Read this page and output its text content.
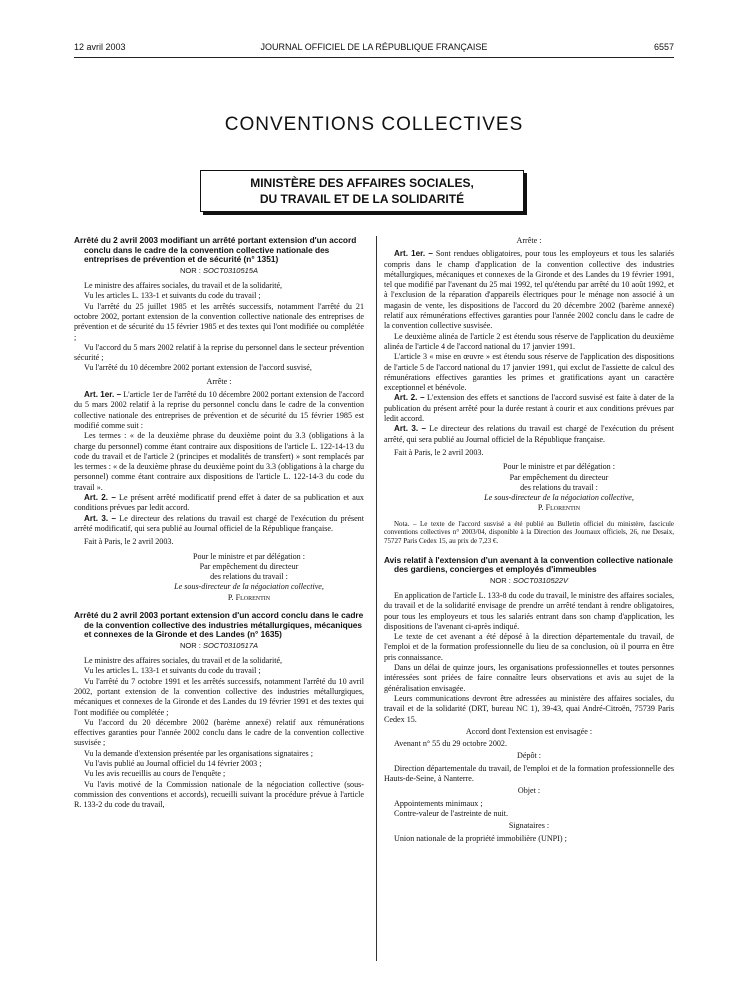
12 avril 2003	JOURNAL OFFICIEL DE LA RÉPUBLIQUE FRANÇAISE	6557
CONVENTIONS COLLECTIVES
MINISTÈRE DES AFFAIRES SOCIALES,
DU TRAVAIL ET DE LA SOLIDARITÉ
Arrêté du 2 avril 2003 modifiant un arrêté portant extension d'un accord conclu dans le cadre de la convention collective nationale des entreprises de prévention et de sécurité (n° 1351)
NOR : SOCT0310515A

Le ministre des affaires sociales, du travail et de la solidarité,

Vu les articles L. 133-1 et suivants du code du travail ;

Vu l'arrêté du 25 juillet 1985 et les arrêtés successifs, notamment l'arrêté du 21 octobre 2002, portant extension de la convention collective nationale des entreprises de prévention et de sécurité du 15 février 1985 et des textes qui l'ont modifiée ou complétée ;

Vu l'accord du 5 mars 2002 relatif à la reprise du personnel dans le secteur prévention sécurité ;

Vu l'arrêté du 10 décembre 2002 portant extension de l'accord susvisé,

Arrête :

Art. 1er. – L'article 1er de l'arrêté du 10 décembre 2002 portant extension de l'accord du 5 mars 2002 relatif à la reprise du personnel conclu dans le cadre de la convention collective nationale des entreprises de prévention et de sécurité du 15 février 1985 est modifié comme suit :

Les termes : « de la deuxième phrase du deuxième point du 3.3 (obligations à la charge du personnel) comme étant contraire aux dispositions de l'article L. 122-14-13 du code du travail et de l'article 2 (principes et modalités de transfert) » sont remplacés par les termes : « de la deuxième phrase du deuxième point du 3.3 (obligations à la charge du personnel) comme étant contraire aux dispositions de l'article L. 122-14-3 du code du travail ».

Art. 2. – Le présent arrêté modificatif prend effet à dater de sa publication et aux conditions prévues par ledit accord.

Art. 3. – Le directeur des relations du travail est chargé de l'exécution du présent arrêté modificatif, qui sera publié au Journal officiel de la République française.

Fait à Paris, le 2 avril 2003.

Pour le ministre et par délégation :

Par empêchement du directeur

des relations du travail :

Le sous-directeur de la négociation collective,

P. Florentin

Arrêté du 2 avril 2003 portant extension d'un accord conclu dans le cadre de la convention collective des industries métallurgiques, mécaniques et connexes de la Gironde et des Landes (n° 1635)
NOR : SOCT0310517A

Le ministre des affaires sociales, du travail et de la solidarité,

Vu les articles L. 133-1 et suivants du code du travail ;

Vu l'arrêté du 7 octobre 1991 et les arrêtés successifs, notamment l'arrêté du 10 avril 2002, portant extension de la convention collective des industries métallurgiques, mécaniques et connexes de la Gironde et des Landes du 19 février 1991 et des textes qui l'ont modifiée ou complétée ;

Vu l'accord du 20 décembre 2002 (barème annexé) relatif aux rémunérations effectives garanties pour l'année 2002 conclu dans le cadre de la convention collective susvisée ;

Vu la demande d'extension présentée par les organisations signataires ;

Vu l'avis publié au Journal officiel du 14 février 2003 ;

Vu les avis recueillis au cours de l'enquête ;

Vu l'avis motivé de la Commission nationale de la négociation collective (sous-commission des conventions et accords), recueilli suivant la procédure prévue à l'article R. 133-2 du code du travail,

Arrête :

Art. 1er. – Sont rendues obligatoires, pour tous les employeurs et tous les salariés compris dans le champ d'application de la convention collective des industries métallurgiques, mécaniques et connexes de la Gironde et des Landes du 19 février 1991, tel que modifié par l'avenant du 25 mai 1992, tel qu'étendu par arrêté du 10 août 1992, et à l'exclusion de la réparation d'appareils électriques pour le ménage non associé à un magasin de vente, les dispositions de l'accord du 20 décembre 2002 (barème annexé) relatif aux rémunérations effectives garanties pour l'année 2002 conclu dans le cadre de la convention collective susvisée.

Le deuxième alinéa de l'article 2 est étendu sous réserve de l'application du deuxième alinéa de l'article 4 de l'accord national du 17 janvier 1991.

L'article 3 « mise en œuvre » est étendu sous réserve de l'application des dispositions de l'article 5 de l'accord national du 17 janvier 1991, qui exclut de l'assiette de calcul des rémunérations effectives garanties les primes et gratifications ayant un caractère exceptionnel et bénévole.

Art. 2. – L'extension des effets et sanctions de l'accord susvisé est faite à dater de la publication du présent arrêté pour la durée restant à courir et aux conditions prévues par ledit accord.

Art. 3. – Le directeur des relations du travail est chargé de l'exécution du présent arrêté, qui sera publié au Journal officiel de la République française.

Fait à Paris, le 2 avril 2003.

Pour le ministre et par délégation :

Par empêchement du directeur

des relations du travail :

Le sous-directeur de la négociation collective,

P. Florentin

Nota. – Le texte de l'accord susvisé a été publié au Bulletin officiel du ministère, fascicule conventions collectives n° 2003/04, disponible à la Direction des Journaux officiels, 26, rue Desaix, 75727 Paris Cedex 15, au prix de 7,23 €.

Avis relatif à l'extension d'un avenant à la convention collective nationale des gardiens, concierges et employés d'immeubles
NOR : SOCT0310522V

En application de l'article L. 133-8 du code du travail, le ministre des affaires sociales, du travail et de la solidarité envisage de prendre un arrêté tendant à rendre obligatoires, pour tous les employeurs et tous les salariés entrant dans son champ d'application, les dispositions de l'avenant ci-après indiqué.

Le texte de cet avenant a été déposé à la direction départementale du travail, de l'emploi et de la formation professionnelle du lieu de sa conclusion, où il pourra en être pris connaissance.

Dans un délai de quinze jours, les organisations professionnelles et toutes personnes intéressées sont priées de faire connaître leurs observations et avis au sujet de la généralisation envisagée.

Leurs communications devront être adressées au ministère des affaires sociales, du travail et de la solidarité (DRT, bureau NC 1), 39-43, quai André-Citroën, 75739 Paris Cedex 15.

Accord dont l'extension est envisagée :

Avenant n° 55 du 29 octobre 2002.

Dépôt :

Direction départementale du travail, de l'emploi et de la formation professionnelle des Hauts-de-Seine, à Nanterre.

Objet :

Appointements minimaux ;

Contre-valeur de l'astreinte de nuit.

Signataires :

Union nationale de la propriété immobilière (UNPI) ;
